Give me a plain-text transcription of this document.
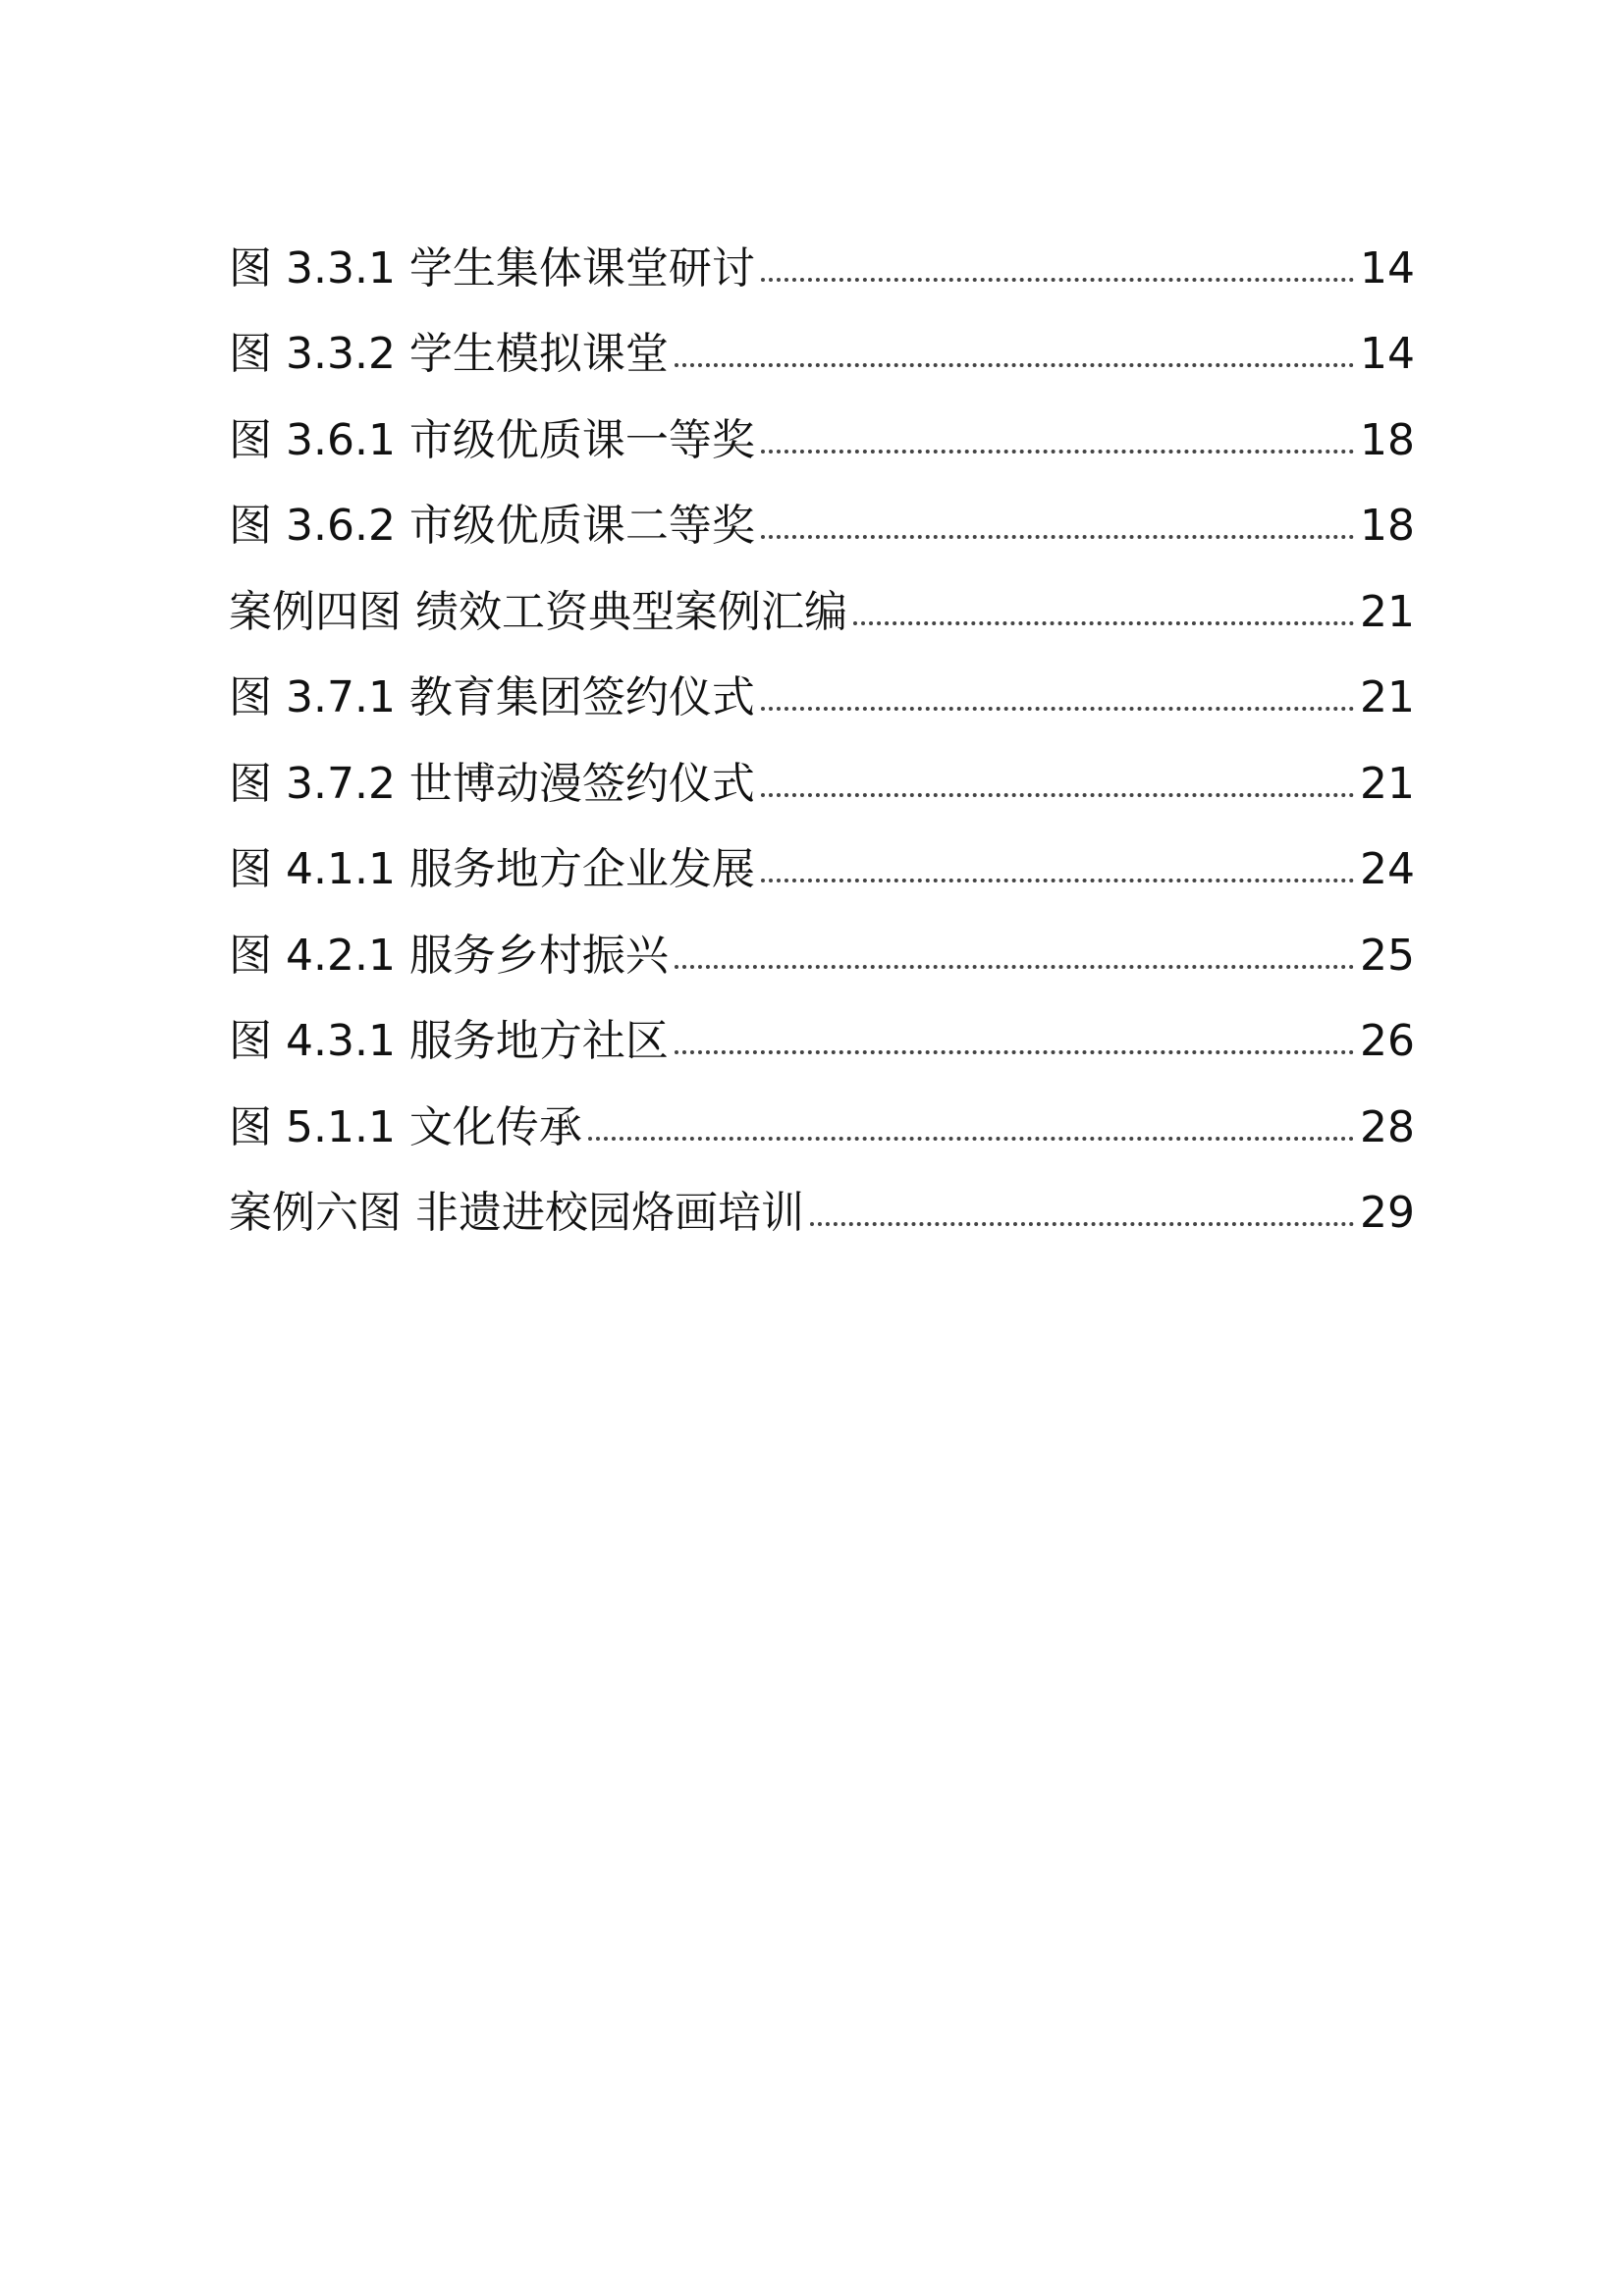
图 3.3.1 学生集体课堂研讨	14
图 3.3.2 学生模拟课堂	14
图 3.6.1 市级优质课一等奖	18
图 3.6.2 市级优质课二等奖	18
案例四图 绩效工资典型案例汇编	21
图 3.7.1 教育集团签约仪式	21
图 3.7.2 世博动漫签约仪式	21
图 4.1.1 服务地方企业发展	24
图 4.2.1 服务乡村振兴	25
图 4.3.1 服务地方社区	26
图 5.1.1 文化传承	28
案例六图 非遗进校园烙画培训	29
